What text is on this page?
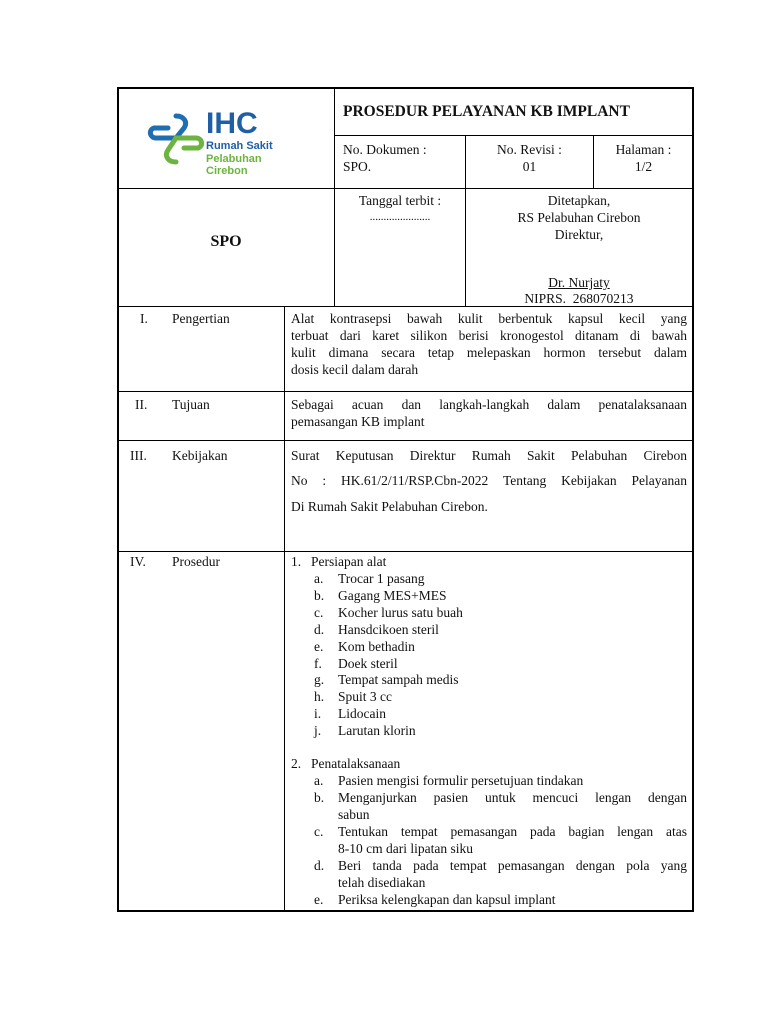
IHC
Rumah Sakit
Pelabuhan Cirebon
PROSEDUR PELAYANAN KB IMPLANT
No. Dokumen :
SPO.
No. Revisi :
01
Halaman :
1/2
SPO
Tanggal terbit :
......................
Ditetapkan,
RS Pelabuhan Cirebon
Direktur,
Dr. Nurjaty
NIPRS.  268070213
I. Pengertian	Alat kontrasepsi bawah kulit berbentuk kapsul kecil yang
terbuat dari karet silikon berisi kronogestol ditanam di bawah
kulit dimana secara tetap melepaskan hormon tersebut dalam
dosis kecil dalam darah
II. Tujuan	Sebagai acuan dan langkah-langkah dalam penatalaksanaan
pemasangan KB implant
III. Kebijakan	Surat Keputusan Direktur Rumah Sakit Pelabuhan Cirebon
No : HK.61/2/11/RSP.Cbn-2022 Tentang Kebijakan Pelayanan
Di Rumah Sakit Pelabuhan Cirebon.
IV. Prosedur	1. Persiapan alat
a. Trocar 1 pasang
b. Gagang MES+MES
c. Kocher lurus satu buah
d. Hansdcikoen steril
e. Kom bethadin
f. Doek steril
g. Tempat sampah medis
h. Spuit 3 cc
i. Lidocain
j. Larutan klorin
2. Penatalaksanaan
a. Pasien mengisi formulir persetujuan tindakan
b. Menganjurkan pasien untuk mencuci lengan dengan
sabun
c. Tentukan tempat pemasangan pada bagian lengan atas
8-10 cm dari lipatan siku
d. Beri tanda pada tempat pemasangan dengan pola yang
telah disediakan
e. Periksa kelengkapan dan kapsul implant
